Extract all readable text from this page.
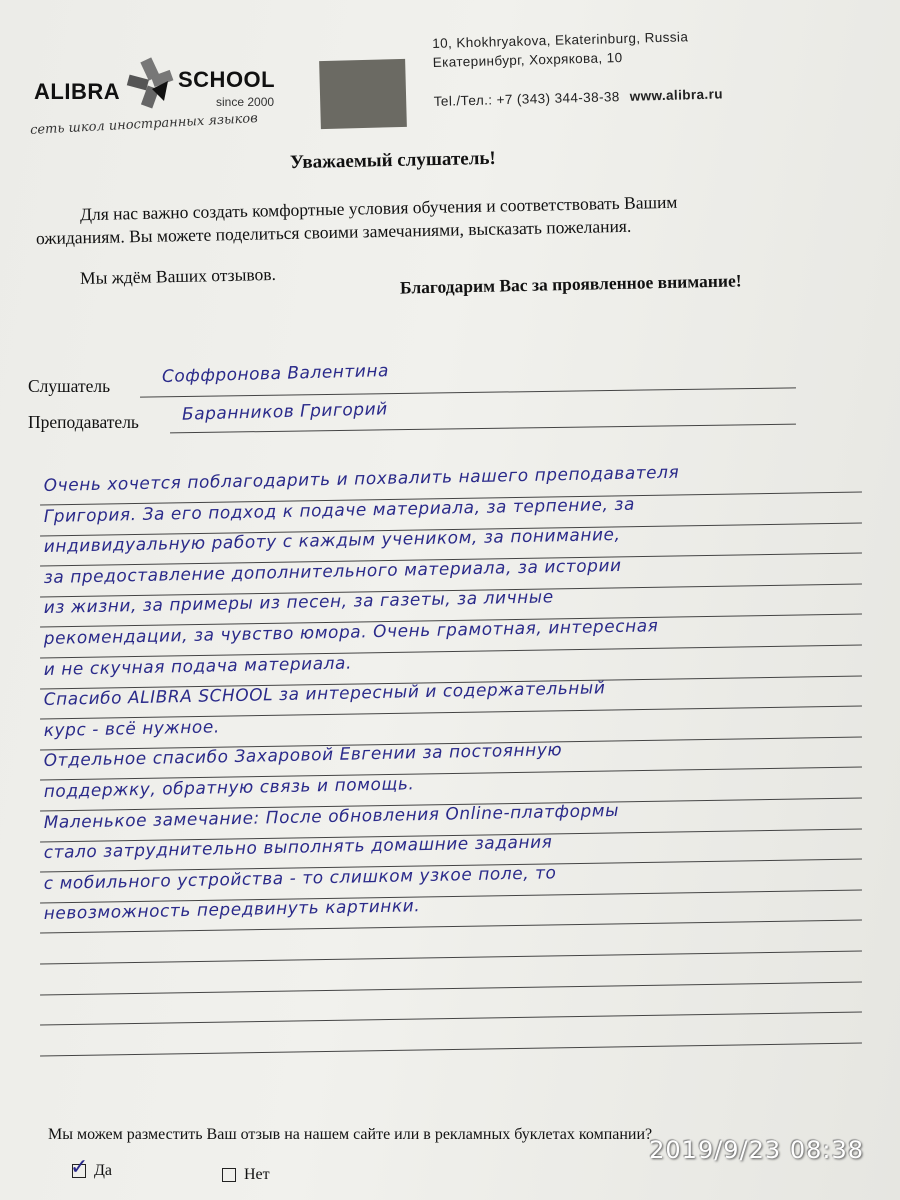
ALIBRA	SCHOOL
since 2000
сеть школ иностранных языков
10, Khokhryakova, Ekaterinburg, Russia
Екатеринбург, Хохрякова, 10
Tel./Тел.: +7 (343) 344-38-38 www.alibra.ru
Уважаемый слушатель!
Для нас важно создать комфортные условия обучения и соответствовать Вашим
ожиданиям. Вы можете поделиться своими замечаниями, высказать пожелания.
Мы ждём Ваших отзывов.	Благодарим Вас за проявленное внимание!
Слушатель	Соффронова Валентина
Преподаватель	Баранников Григорий
Очень хочется поблагодарить и похвалить нашего преподавателя
Григория. За его подход к подаче материала, за терпение, за
индивидуальную работу с каждым учеником, за понимание,
за предоставление дополнительного материала, за истории
из жизни, за примеры из песен, за газеты, за личные
рекомендации, за чувство юмора. Очень грамотная, интересная
и не скучная подача материала.
Спасибо ALIBRA SCHOOL за интересный и содержательный
курс - всё нужное.
Отдельное спасибо Захаровой Евгении за постоянную
поддержку, обратную связь и помощь.
Маленькое замечание: После обновления Online-платформы
стало затруднительно выполнять домашние задания
с мобильного устройства - то слишком узкое поле, то
невозможность передвинуть картинки.
Мы можем разместить Ваш отзыв на нашем сайте или в рекламных буклетах компании?
✓ Да	Нет
2019/9/23 08:38
